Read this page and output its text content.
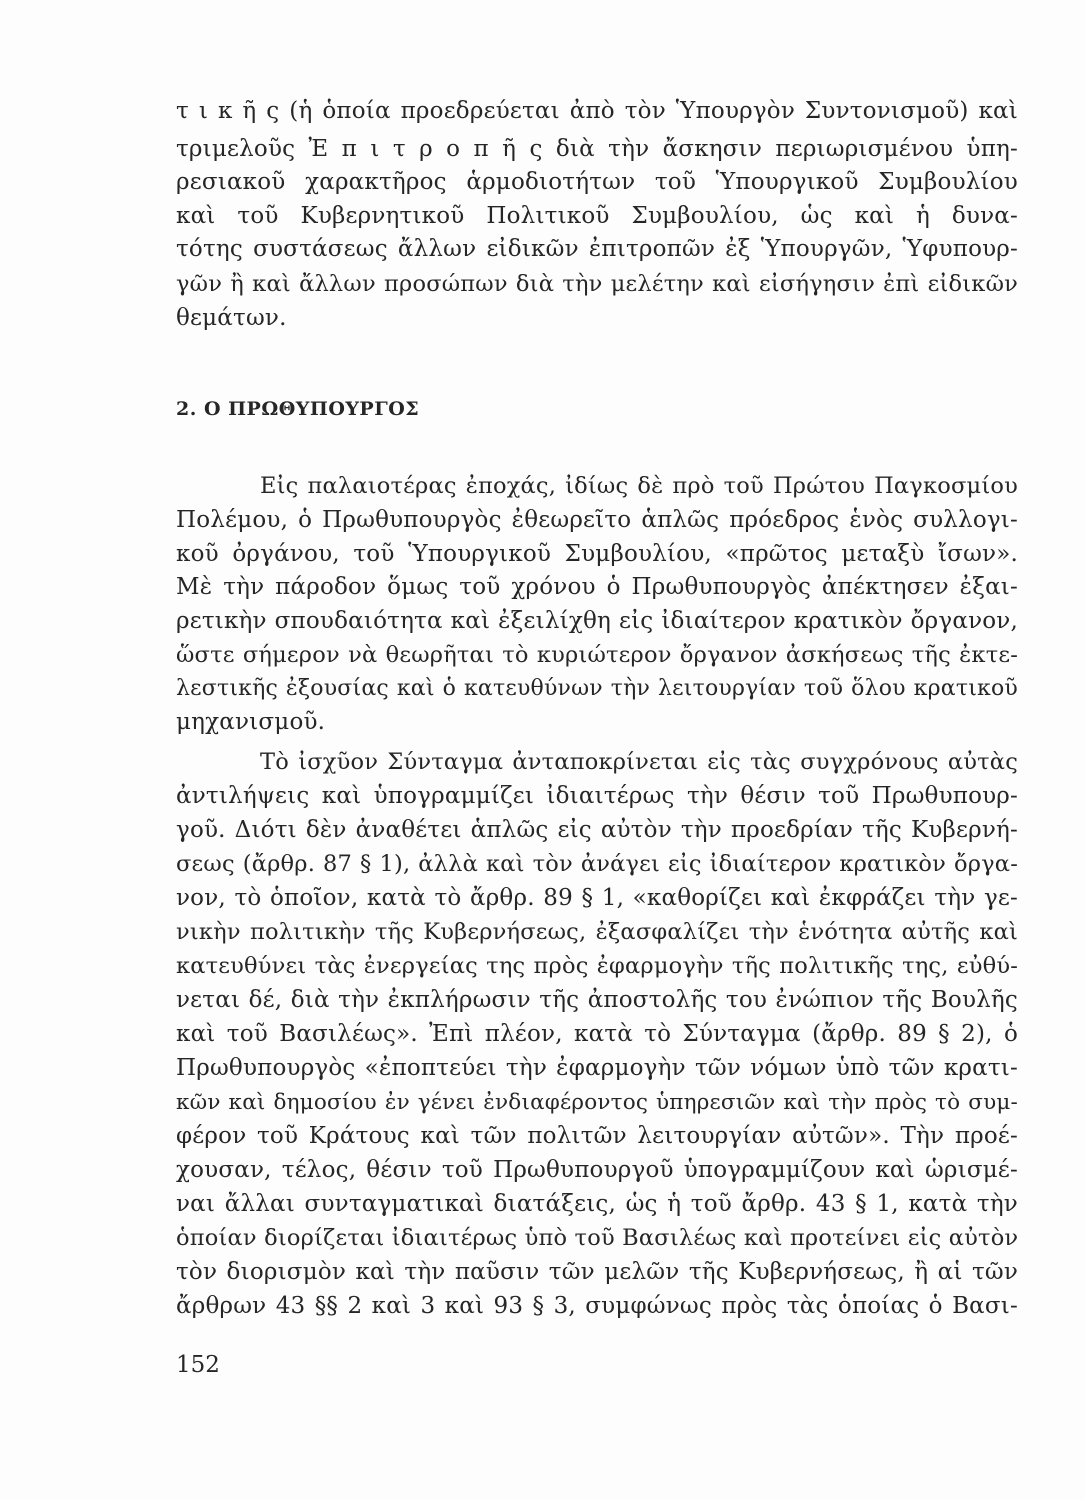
τ ι κ ῆ ς (ἡ ὁποία προεδρεύεται ἀπὸ τὸν Ὑπουργὸν Συντονισμοῦ) καὶ
τριμελοῦς Ἐ π ι τ ρ ο π ῆ ς διὰ τὴν ἄσκησιν περιωρισμένου ὑπη-
ρεσιακοῦ χαρακτῆρος ἁρμοδιοτήτων τοῦ Ὑπουργικοῦ Συμβουλίου
καὶ τοῦ Κυβερνητικοῦ Πολιτικοῦ Συμβουλίου, ὡς καὶ ἡ δυνα-
τότης συστάσεως ἄλλων εἰδικῶν ἐπιτροπῶν ἐξ Ὑπουργῶν, Ὑφυπουρ-
γῶν ἢ καὶ ἄλλων προσώπων διὰ τὴν μελέτην καὶ εἰσήγησιν ἐπὶ εἰδικῶν
θεμάτων.
2. Ο ΠΡΩΘΥΠΟΥΡΓΟΣ
Εἰς παλαιοτέρας ἐποχάς, ἰδίως δὲ πρὸ τοῦ Πρώτου Παγκοσμίου
Πολέμου, ὁ Πρωθυπουργὸς ἐθεωρεῖτο ἁπλῶς πρόεδρος ἑνὸς συλλογι-
κοῦ ὀργάνου, τοῦ Ὑπουργικοῦ Συμβουλίου, «πρῶτος μεταξὺ ἴσων».
Μὲ τὴν πάροδον ὅμως τοῦ χρόνου ὁ Πρωθυπουργὸς ἀπέκτησεν ἐξαι-
ρετικὴν σπουδαιότητα καὶ ἐξειλίχθη εἰς ἰδιαίτερον κρατικὸν ὄργανον,
ὥστε σήμερον νὰ θεωρῆται τὸ κυριώτερον ὄργανον ἀσκήσεως τῆς ἐκτε-
λεστικῆς ἐξουσίας καὶ ὁ κατευθύνων τὴν λειτουργίαν τοῦ ὅλου κρατικοῦ
μηχανισμοῦ.
Τὸ ἰσχῦον Σύνταγμα ἀνταποκρίνεται εἰς τὰς συγχρόνους αὐτὰς
ἀντιλήψεις καὶ ὑπογραμμίζει ἰδιαιτέρως τὴν θέσιν τοῦ Πρωθυπουρ-
γοῦ. Διότι δὲν ἀναθέτει ἁπλῶς εἰς αὐτὸν τὴν προεδρίαν τῆς Κυβερνή-
σεως (ἄρθρ. 87 § 1), ἀλλὰ καὶ τὸν ἀνάγει εἰς ἰδιαίτερον κρατικὸν ὄργα-
νον, τὸ ὁποῖον, κατὰ τὸ ἄρθρ. 89 § 1, «καθορίζει καὶ ἐκφράζει τὴν γε-
νικὴν πολιτικὴν τῆς Κυβερνήσεως, ἐξασφαλίζει τὴν ἑνότητα αὐτῆς καὶ
κατευθύνει τὰς ἐνεργείας της πρὸς ἐφαρμογὴν τῆς πολιτικῆς της, εὐθύ-
νεται δέ, διὰ τὴν ἐκπλήρωσιν τῆς ἀποστολῆς του ἐνώπιον τῆς Βουλῆς
καὶ τοῦ Βασιλέως». Ἐπὶ πλέον, κατὰ τὸ Σύνταγμα (ἄρθρ. 89 § 2), ὁ
Πρωθυπουργὸς «ἐποπτεύει τὴν ἐφαρμογὴν τῶν νόμων ὑπὸ τῶν κρατι-
κῶν καὶ δημοσίου ἐν γένει ἐνδιαφέροντος ὑπηρεσιῶν καὶ τὴν πρὸς τὸ συμ-
φέρον τοῦ Κράτους καὶ τῶν πολιτῶν λειτουργίαν αὐτῶν». Τὴν προέ-
χουσαν, τέλος, θέσιν τοῦ Πρωθυπουργοῦ ὑπογραμμίζουν καὶ ὡρισμέ-
ναι ἄλλαι συνταγματικαὶ διατάξεις, ὡς ἡ τοῦ ἄρθρ. 43 § 1, κατὰ τὴν
ὁποίαν διορίζεται ἰδιαιτέρως ὑπὸ τοῦ Βασιλέως καὶ προτείνει εἰς αὐτὸν
τὸν διορισμὸν καὶ τὴν παῦσιν τῶν μελῶν τῆς Κυβερνήσεως, ἢ αἱ τῶν
ἄρθρων 43 §§ 2 καὶ 3 καὶ 93 § 3, συμφώνως πρὸς τὰς ὁποίας ὁ Βασι-
152
